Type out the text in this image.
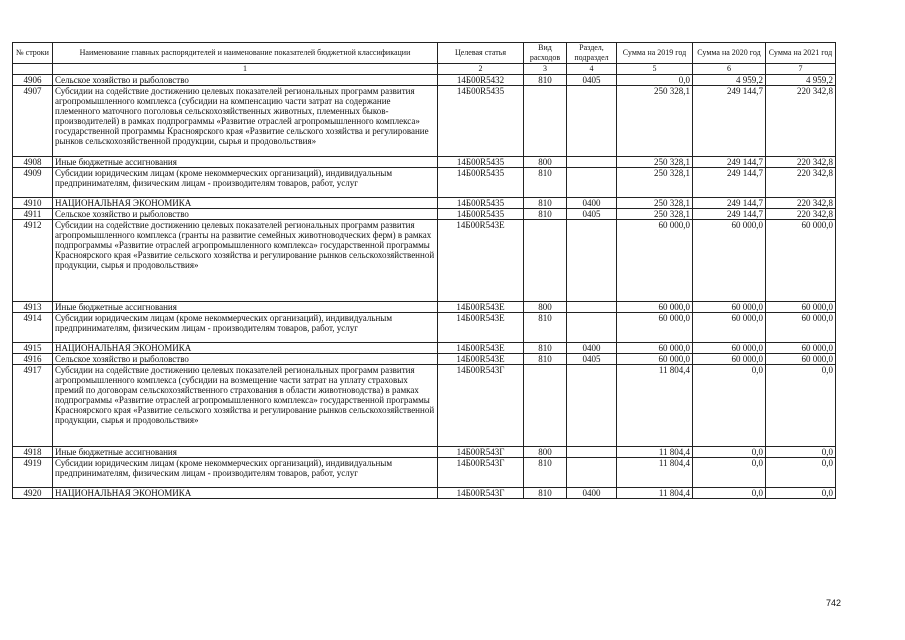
№ строки	Наименование главных распорядителей и наименование показателей бюджетной классификации	Целевая статья	Вид расходов	Раздел, подраздел	Сумма на 2019 год	Сумма на 2020 год	Сумма на 2021 год
	1	2	3	4	5	6	7
4906	Сельское хозяйство и рыболовство	14Б00R5432	810	0405	0,0	4 959,2	4 959,2
4907	Субсидии на содействие достижению целевых показателей региональных программ развития агропромышленного комплекса (субсидии на компенсацию части затрат на содержание племенного маточного поголовья сельскохозяйственных животных, племенных быков-производителей) в рамках подпрограммы «Развитие отраслей агропромышленного комплекса» государственной программы Красноярского края «Развитие сельского хозяйства и регулирование рынков сельскохозяйственной продукции, сырья и продовольствия»	14Б00R5435			250 328,1	249 144,7	220 342,8
4908	Иные бюджетные ассигнования	14Б00R5435	800		250 328,1	249 144,7	220 342,8
4909	Субсидии юридическим лицам (кроме некоммерческих организаций), индивидуальным предпринимателям, физическим лицам - производителям товаров, работ, услуг	14Б00R5435	810		250 328,1	249 144,7	220 342,8
4910	НАЦИОНАЛЬНАЯ ЭКОНОМИКА	14Б00R5435	810	0400	250 328,1	249 144,7	220 342,8
4911	Сельское хозяйство и рыболовство	14Б00R5435	810	0405	250 328,1	249 144,7	220 342,8
4912	Субсидии на содействие достижению целевых показателей региональных программ развития агропромышленного комплекса (гранты на развитие семейных животноводческих ферм) в рамках подпрограммы «Развитие отраслей агропромышленного комплекса» государственной программы Красноярского края «Развитие сельского хозяйства и регулирование рынков сельскохозяйственной продукции, сырья и продовольствия»	14Б00R543Е			60 000,0	60 000,0	60 000,0
4913	Иные бюджетные ассигнования	14Б00R543Е	800		60 000,0	60 000,0	60 000,0
4914	Субсидии юридическим лицам (кроме некоммерческих организаций), индивидуальным предпринимателям, физическим лицам - производителям товаров, работ, услуг	14Б00R543Е	810		60 000,0	60 000,0	60 000,0
4915	НАЦИОНАЛЬНАЯ ЭКОНОМИКА	14Б00R543Е	810	0400	60 000,0	60 000,0	60 000,0
4916	Сельское хозяйство и рыболовство	14Б00R543Е	810	0405	60 000,0	60 000,0	60 000,0
4917	Субсидии на содействие достижению целевых показателей региональных программ развития агропромышленного комплекса (субсидии на возмещение части затрат на уплату страховых премий по договорам сельскохозяйственного страхования в области животноводства) в рамках подпрограммы «Развитие отраслей агропромышленного комплекса» государственной программы Красноярского края «Развитие сельского хозяйства и регулирование рынков сельскохозяйственной продукции, сырья и продовольствия»	14Б00R543Г			11 804,4	0,0	0,0
4918	Иные бюджетные ассигнования	14Б00R543Г	800		11 804,4	0,0	0,0
4919	Субсидии юридическим лицам (кроме некоммерческих организаций), индивидуальным предпринимателям, физическим лицам - производителям товаров, работ, услуг	14Б00R543Г	810		11 804,4	0,0	0,0
4920	НАЦИОНАЛЬНАЯ ЭКОНОМИКА	14Б00R543Г	810	0400	11 804,4	0,0	0,0
742
